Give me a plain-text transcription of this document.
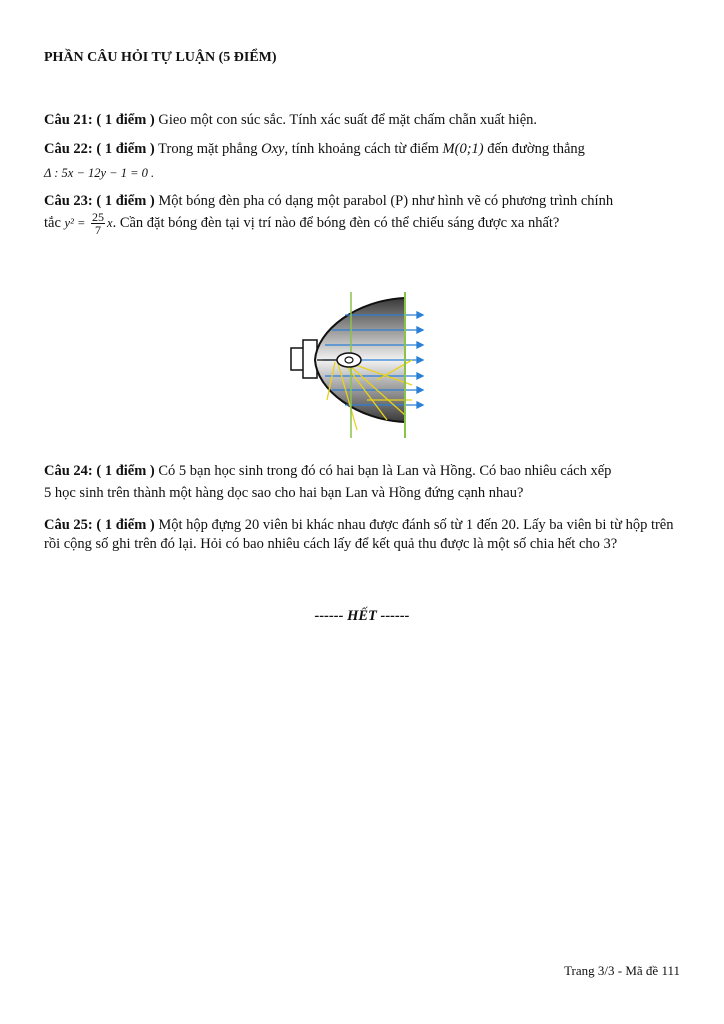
PHẦN CÂU HỎI TỰ LUẬN (5 ĐIỂM)
Câu 21: ( 1 điểm ) Gieo một con súc sắc. Tính xác suất để mặt chấm chẵn xuất hiện.
Câu 22: ( 1 điểm ) Trong mặt phẳng Oxy, tính khoảng cách từ điểm M(0;1) đến đường thẳng
Δ : 5x − 12y − 1 = 0 .
Câu 23: ( 1 điểm ) Một bóng đèn pha có dạng một parabol (P) như hình vẽ có phương trình chính
tắc $y^2 = \frac{25}{7} x$. Cần đặt bóng đèn tại vị trí nào để bóng đèn có thể chiếu sáng được xa nhất?
Câu 24: ( 1 điểm ) Có 5 bạn học sinh trong đó có hai bạn là Lan và Hồng. Có bao nhiêu cách xếp
5 học sinh trên thành một hàng dọc sao cho hai bạn Lan và Hồng đứng cạnh nhau?
Câu 25: ( 1 điểm ) Một hộp đựng 20 viên bi khác nhau được đánh số từ 1 đến 20. Lấy ba viên bi từ hộp trên rồi cộng số ghi trên đó lại. Hỏi có bao nhiêu cách lấy để kết quả thu được là một số chia hết cho 3?
------ HẾT ------
Trang 3/3 - Mã đề 111
